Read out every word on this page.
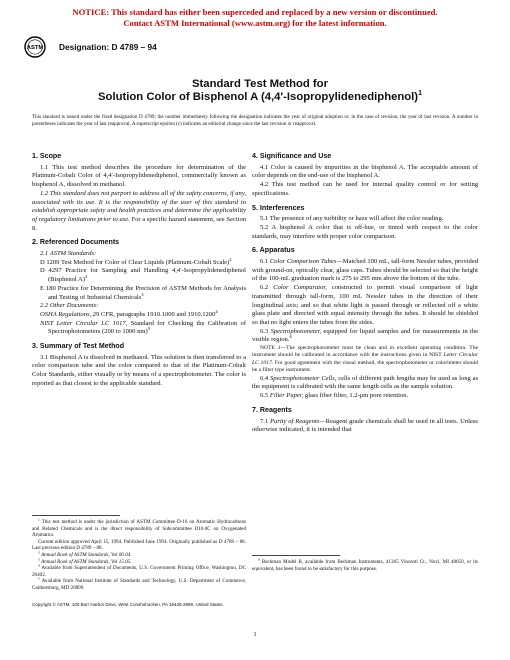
NOTICE: This standard has either been superceded and replaced by a new version or discontinued.
Contact ASTM International (www.astm.org) for the latest information.
ASTM Designation: D 4789 – 94
Standard Test Method for
Solution Color of Bisphenol A (4,4′-Isopropylidenediphenol)$^1$
This standard is issued under the fixed designation D 4789; the number immediately following the designation indicates the year of original adoption or, in the case of revision, the year of last revision. A number in parentheses indicates the year of last reapproval. A superscript epsilon (ε) indicates an editorial change since the last revision or reapproval.
1. Scope

1.1 This test method describes the procedure for determination of the Platinum-Cobalt Color of 4,4′-Isopropylidenediphenol, commercially known as bisphenol A, dissolved in methanol.

1.2 This standard does not purport to address all of the safety concerns, if any, associated with its use. It is the responsibility of the user of this standard to establish appropriate safety and health practices and determine the applicability of regulatory limitations prior to use. For a specific hazard statement, see Section 8.

2. Referenced Documents

2.1 ASTM Standards:

D 1209 Test Method for Color of Clear Liquids (Platinum-Cobalt Scale)$^2$

D 4297 Practice for Sampling and Handling 4,4′-Isopropylidenediphenol (Bisphenol A)$^2$

E 180 Practice for Determining the Precision of ASTM Methods for Analysis and Testing of Industrial Chemicals$^3$

2.2 Other Documents:

OSHA Regulations, 29 CFR, paragraphs 1910.1000 and 1910.1200$^4$

NIST Letter Circular LC 1017, Standard for Checking the Calibration of Spectrophotometers (200 to 1000 nm)$^5$

3. Summary of Test Method

3.1 Bisphenol A is dissolved in methanol. This solution is then transferred to a color comparison tube and the color compared to that of the Platinum-Cobalt Color Standards, either visually or by means of a spectrophotometer. The color is reported as that closest to the applicable standard.

$^1$ This test method is under the jurisdiction of ASTM Committee D-16 on Aromatic Hydrocarbons and Related Chemicals and is the direct responsibility of Subcommittee D16.0C on Oxygenated Aromatics.

Current edition approved April 15, 1994. Published June 1994. Originally published as D 4789 – 88. Last previous edition D 4789 – 88.

$^2$ Annual Book of ASTM Standards, Vol 06.04.

$^3$ Annual Book of ASTM Standards, Vol 15.05.

$^4$ Available from Superintendent of Documents, U.S. Government Printing Office, Washington, DC 20402.

$^5$ Available from National Institute of Standards and Technology, U.S. Department of Commerce, Gaithersburg, MD 20899.

4. Significance and Use

4.1 Color is caused by impurities in the bisphenol A. The acceptable amount of color depends on the end-use of the bisphenol A.

4.2 This test method can be used for internal quality control or for setting specifications.

5. Interferences

5.1 The presence of any turbidity or haze will affect the color reading.

5.2 A bisphenol A color that is off-hue, or tinted with respect to the color standards, may interfere with proper color comparison.

6. Apparatus

6.1 Color Comparison Tubes—Matched 100 mL, tall-form Nessler tubes, provided with ground-on, optically clear, glass caps. Tubes should be selected so that the height of the 100-mL graduation mark is 275 to 295 mm above the bottom of the tube.

6.2 Color Comparator, constructed to permit visual comparison of light transmitted through tall-form, 100 mL Nessler tubes in the direction of their longitudinal axis; and so that white light is passed through or reflected off a white glass plate and directed with equal intensity through the tubes. It should be shielded so that no light enters the tubes from the sides.

6.3 Spectrophotometer, equipped for liquid samples and for measurements in the visible region.$^6$

NOTE 1—The spectrophotometer must be clean and in excellent operating condition. The instrument should be calibrated in accordance with the instructions given in NIST Letter Circular LC 1017. For good agreement with the visual method, the spectrophotometer or colorimeter should be a filter type instrument.

6.4 Spectrophotometer Cells, cells of different path lengths may be used as long as the equipment is calibrated with the same length cells as the sample solution.

6.5 Filter Paper, glass fiber filter, 1.2-μm pore retention.

7. Reagents

7.1 Purity of Reagents—Reagent grade chemicals shall be used in all tests. Unless otherwise indicated, it is intended that

$^6$ Beckman Model B, available from Beckman Instruments, 41365 Vincenti Ct., Novi, MI 48050, or its equivalent, has been found to be satisfactory for this purpose.

Copyright © ASTM, 100 Barr Harbor Drive, West Conshohocken, PA 19428-2959, United States.
1
